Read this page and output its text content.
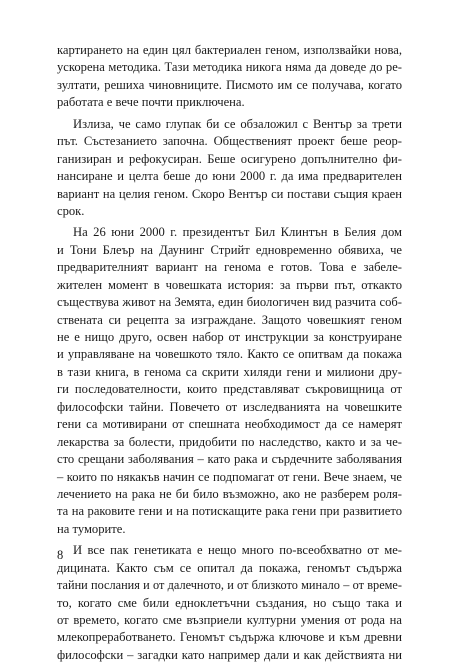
картирането на един цял бактериален геном, използвайки нова,
ускорена методика. Тази методика никога няма да доведе до ре-
зултати, решиха чиновниците. Писмото им се получава, когато
работата е вече почти приключена.
Излиза, че само глупак би се обзаложил с Вентър за трети
път. Състезанието започна. Общественият проект беше реор-
ганизиран и рефокусиран. Беше осигурено допълнително фи-
нансиране и целта беше до юни 2000 г. да има предварителен
вариант на целия геном. Скоро Вентър си постави същия краен
срок.
На 26 юни 2000 г. президентът Бил Клинтън в Белия дом
и Тони Блеър на Даунинг Стрийт едновременно обявиха, че
предварителният вариант на генома е готов. Това е забеле-
жителен момент в човешката история: за първи път, откакто
съществува живот на Земята, един биологичен вид разчита соб-
ствената си рецепта за изграждане. Защото човешкият геном
не е нищо друго, освен набор от инструкции за конструиране
и управляване на човешкото тяло. Както се опитвам да покажа
в тази книга, в генома са скрити хиляди гени и милиони дру-
ги последователности, които представляват съкровищница от
философски тайни. Повечето от изследванията на човешките
гени са мотивирани от спешната необходимост да се намерят
лекарства за болести, придобити по наследство, както и за че-
сто срещани заболявания – като рака и сърдечните заболявания
– които по някакъв начин се подпомагат от гени. Вече знаем, че
лечението на рака не би било възможно, ако не разберем роля-
та на раковите гени и на потискащите рака гени при развитието
на туморите.
И все пак генетиката е нещо много по-всеобхватно от ме-
дицината. Както съм се опитал да покажа, геномът съдържа
тайни послания и от далечното, и от близкото минало – от време-
то, когато сме били едноклетъчни създания, но също така и
от времето, когато сме възприели културни умения от рода на
млекопреработването. Геномът съдържа ключове и към древни
философски – загадки като например дали и как действията ни
8
